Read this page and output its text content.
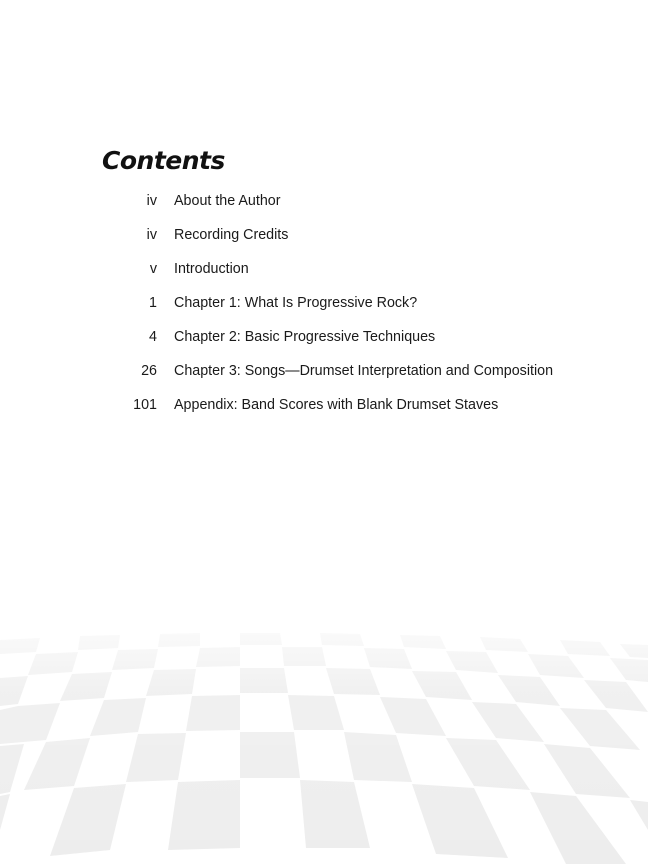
Contents
iv About the Author
iv Recording Credits
v Introduction
1 Chapter 1: What Is Progressive Rock?
4 Chapter 2: Basic Progressive Techniques
26 Chapter 3: Songs—Drumset Interpretation and Composition
101 Appendix: Band Scores with Blank Drumset Staves
